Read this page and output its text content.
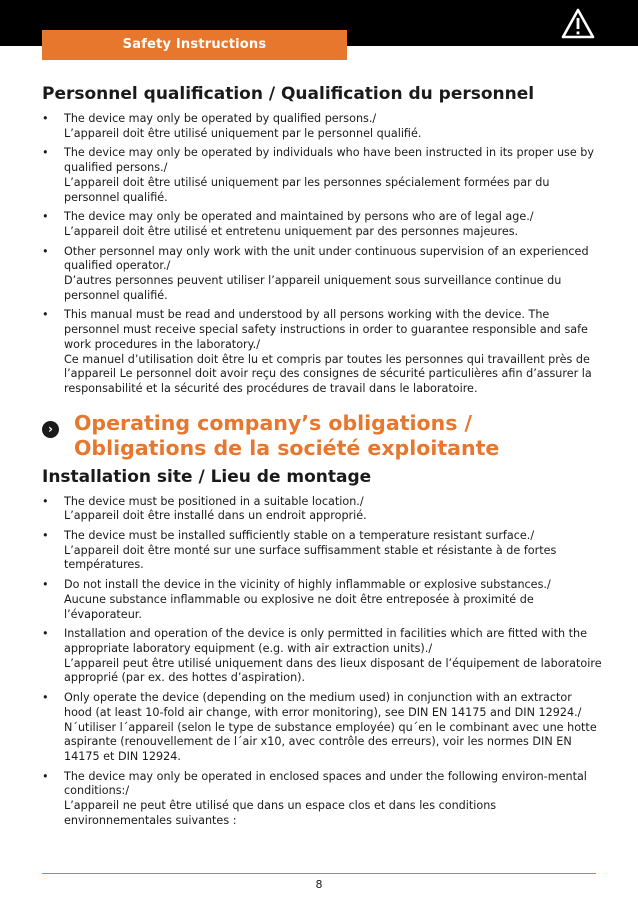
Safety Instructions
Personnel qualification / Qualification du personnel
• The device may only be operated by qualified persons./
L’appareil doit être utilisé uniquement par le personnel qualifié.
• The device may only be operated by individuals who have been instructed in its proper use by qualified persons./
L’appareil doit être utilisé uniquement par les personnes spécialement formées par du personnel qualifié.
• The device may only be operated and maintained by persons who are of legal age./
L’appareil doit être utilisé et entretenu uniquement par des personnes majeures.
• Other personnel may only work with the unit under continuous supervision of an experienced qualified operator./
D’autres personnes peuvent utiliser l’appareil uniquement sous surveillance continue du personnel qualifié.
• This manual must be read and understood by all persons working with the device. The personnel must receive special safety instructions in order to guarantee responsible and safe work procedures in the laboratory./
Ce manuel d’utilisation doit être lu et compris par toutes les personnes qui travaillent près de l’appareil Le personnel doit avoir reçu des consignes de sécurité particulières afin d’assurer la responsabilité et la sécurité des procédures de travail dans le laboratoire.
› Operating company’s obligations /
Obligations de la société exploitante
Installation site / Lieu de montage
• The device must be positioned in a suitable location./
L’appareil doit être installé dans un endroit approprié.
• The device must be installed sufficiently stable on a temperature resistant surface./
L’appareil doit être monté sur une surface suffisamment stable et résistante à de fortes températures.
• Do not install the device in the vicinity of highly inflammable or explosive substances./
Aucune substance inflammable ou explosive ne doit être entreposée à proximité de l’évaporateur.
• Installation and operation of the device is only permitted in facilities which are fitted with the appropriate laboratory equipment (e.g. with air extraction units)./
L’appareil peut être utilisé uniquement dans des lieux disposant de l’équipement de laboratoire approprié (par ex. des hottes d’aspiration).
• Only operate the device (depending on the medium used) in conjunction with an extractor hood (at least 10-fold air change, with error monitoring), see DIN EN 14175 and DIN 12924./
N´utiliser l´appareil (selon le type de substance employée) qu´en le combinant avec une hotte aspirante (renouvellement de l´air x10, avec contrôle des erreurs), voir les normes DIN EN 14175 et DIN 12924.
• The device may only be operated in enclosed spaces and under the following environ-mental conditions:/
L’appareil ne peut être utilisé que dans un espace clos et dans les conditions environnementales suivantes :
8
